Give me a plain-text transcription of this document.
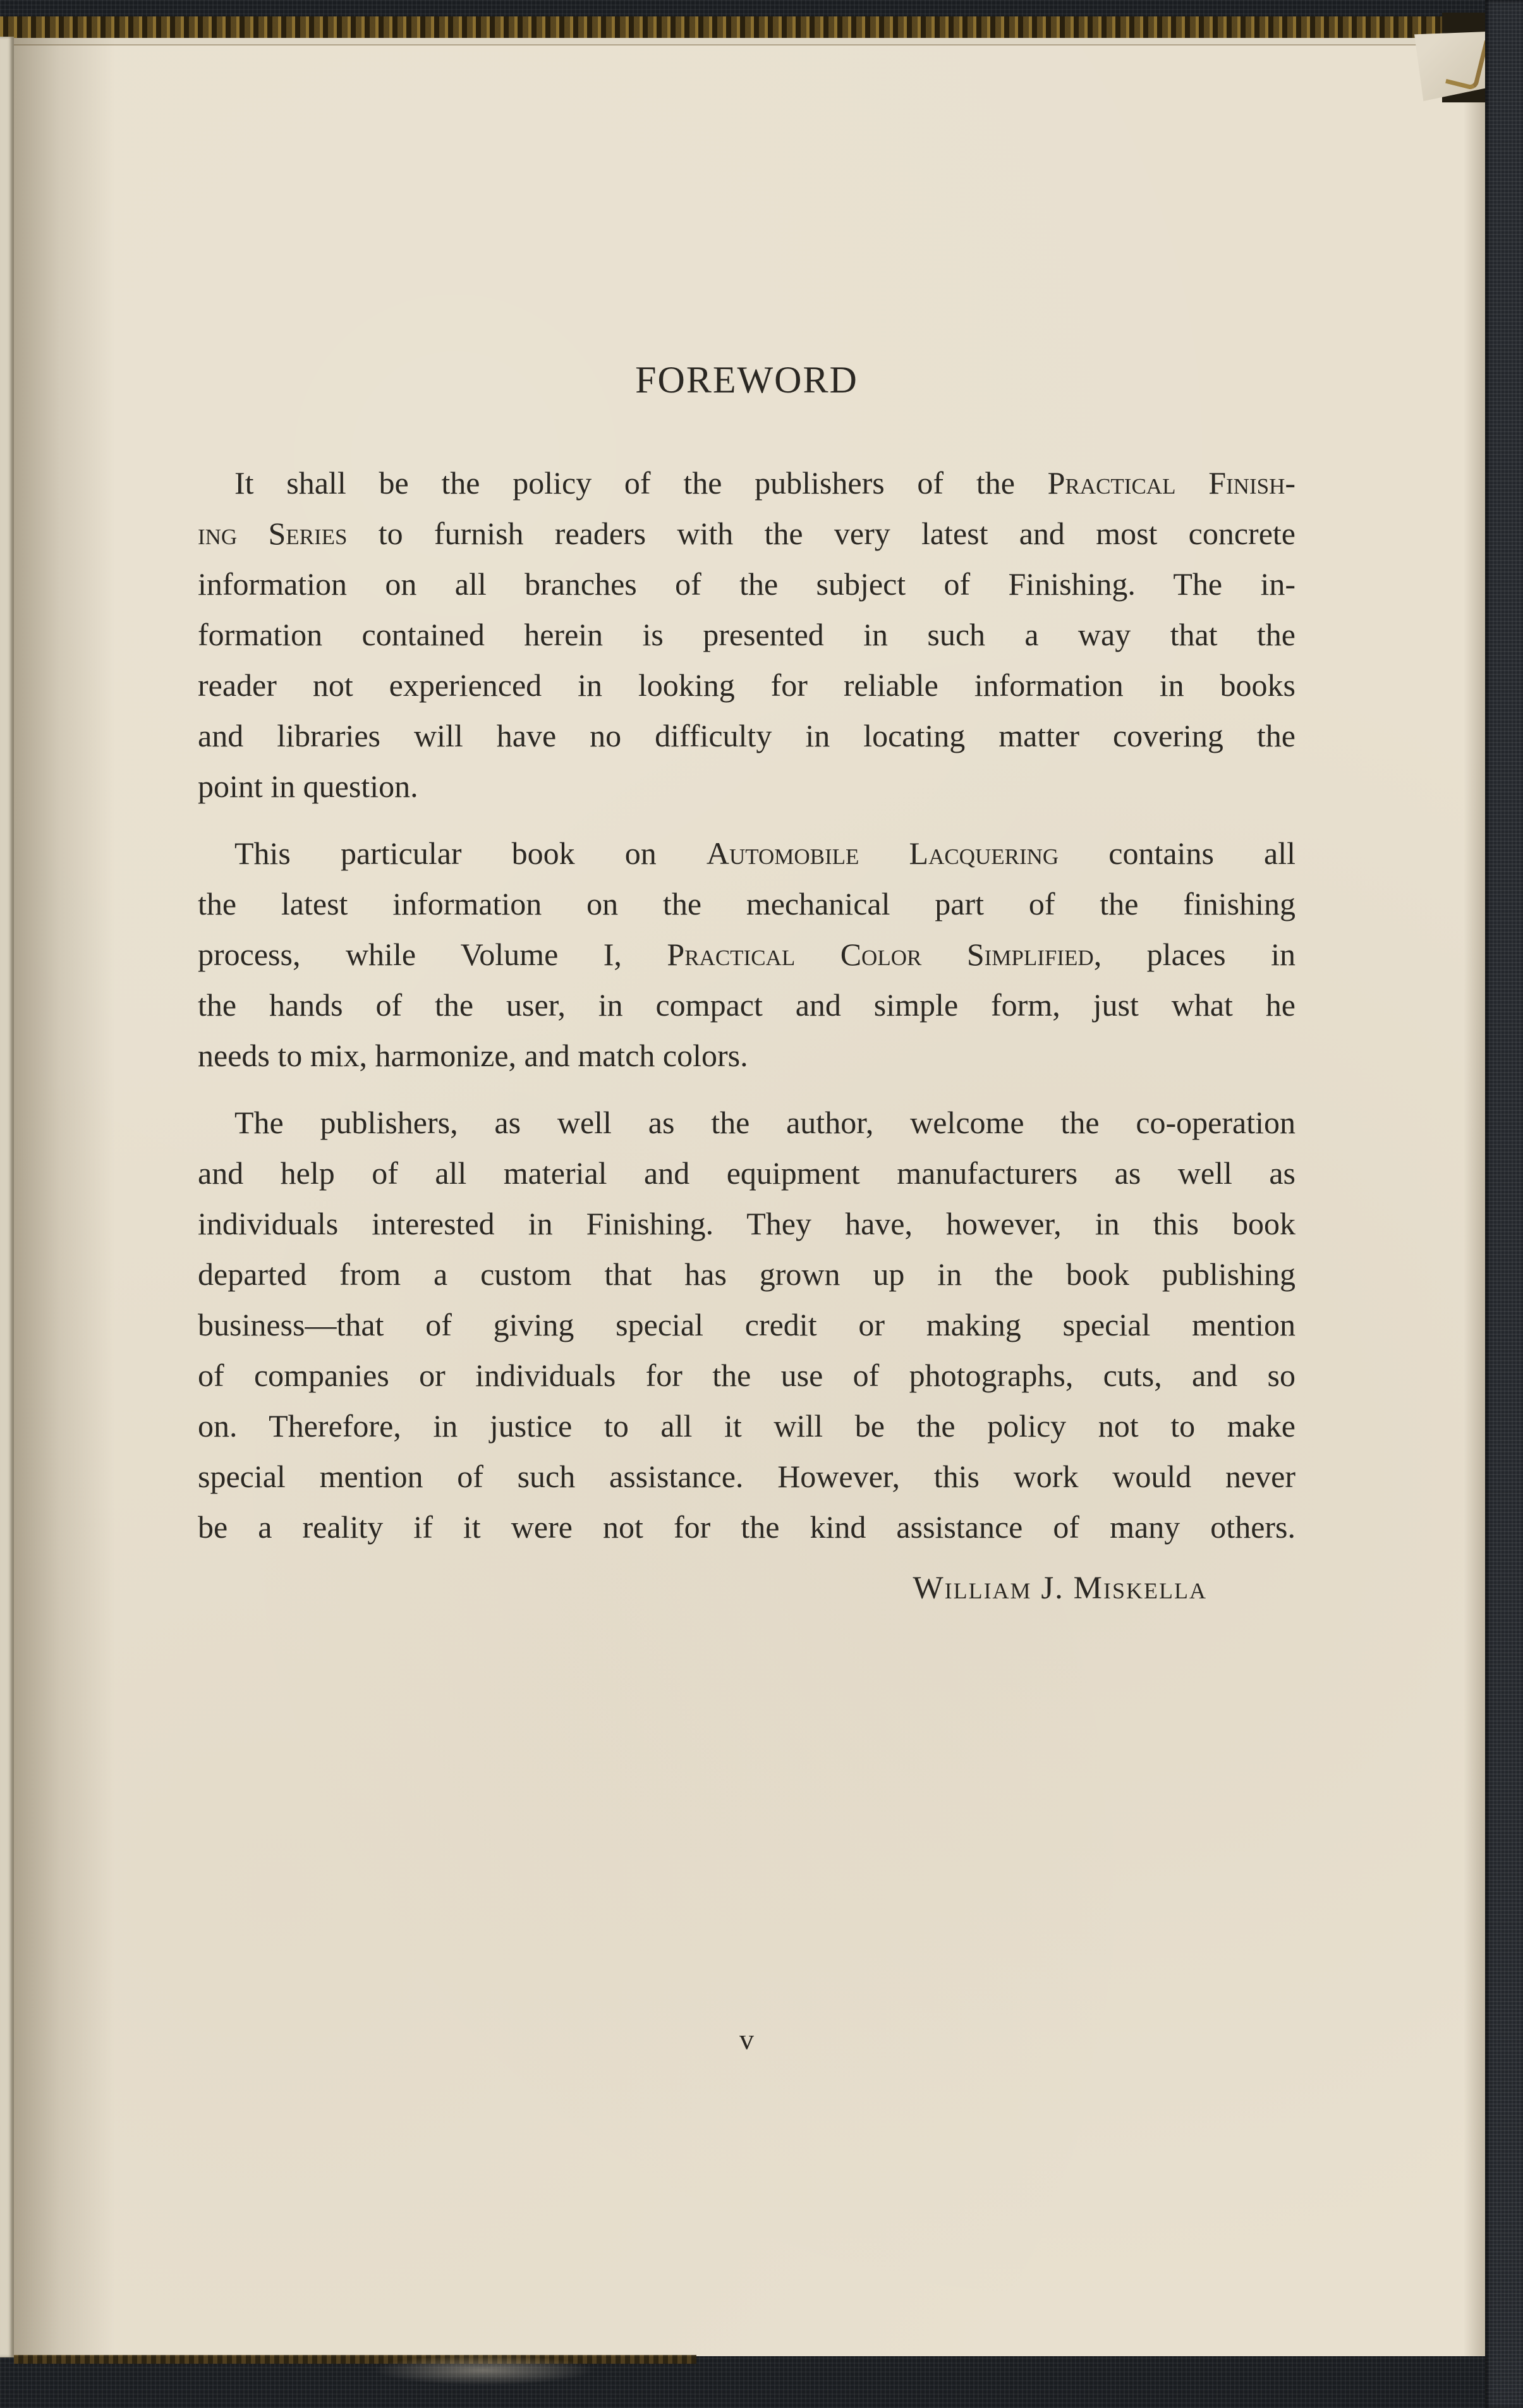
FOREWORD
It shall be the policy of the publishers of the Practical Finish-
ing Series to furnish readers with the very latest and most concrete
information on all branches of the subject of Finishing. The in-
formation contained herein is presented in such a way that the
reader not experienced in looking for reliable information in books
and libraries will have no difficulty in locating matter covering the
point in question.
This particular book on Automobile Lacquering contains all
the latest information on the mechanical part of the finishing
process, while Volume I, Practical Color Simplified, places in
the hands of the user, in compact and simple form, just what he
needs to mix, harmonize, and match colors.
The publishers, as well as the author, welcome the co-operation
and help of all material and equipment manufacturers as well as
individuals interested in Finishing. They have, however, in this book
departed from a custom that has grown up in the book publishing
business—that of giving special credit or making special mention
of companies or individuals for the use of photographs, cuts, and so
on. Therefore, in justice to all it will be the policy not to make
special mention of such assistance. However, this work would never
be a reality if it were not for the kind assistance of many others.
William J. Miskella
v
